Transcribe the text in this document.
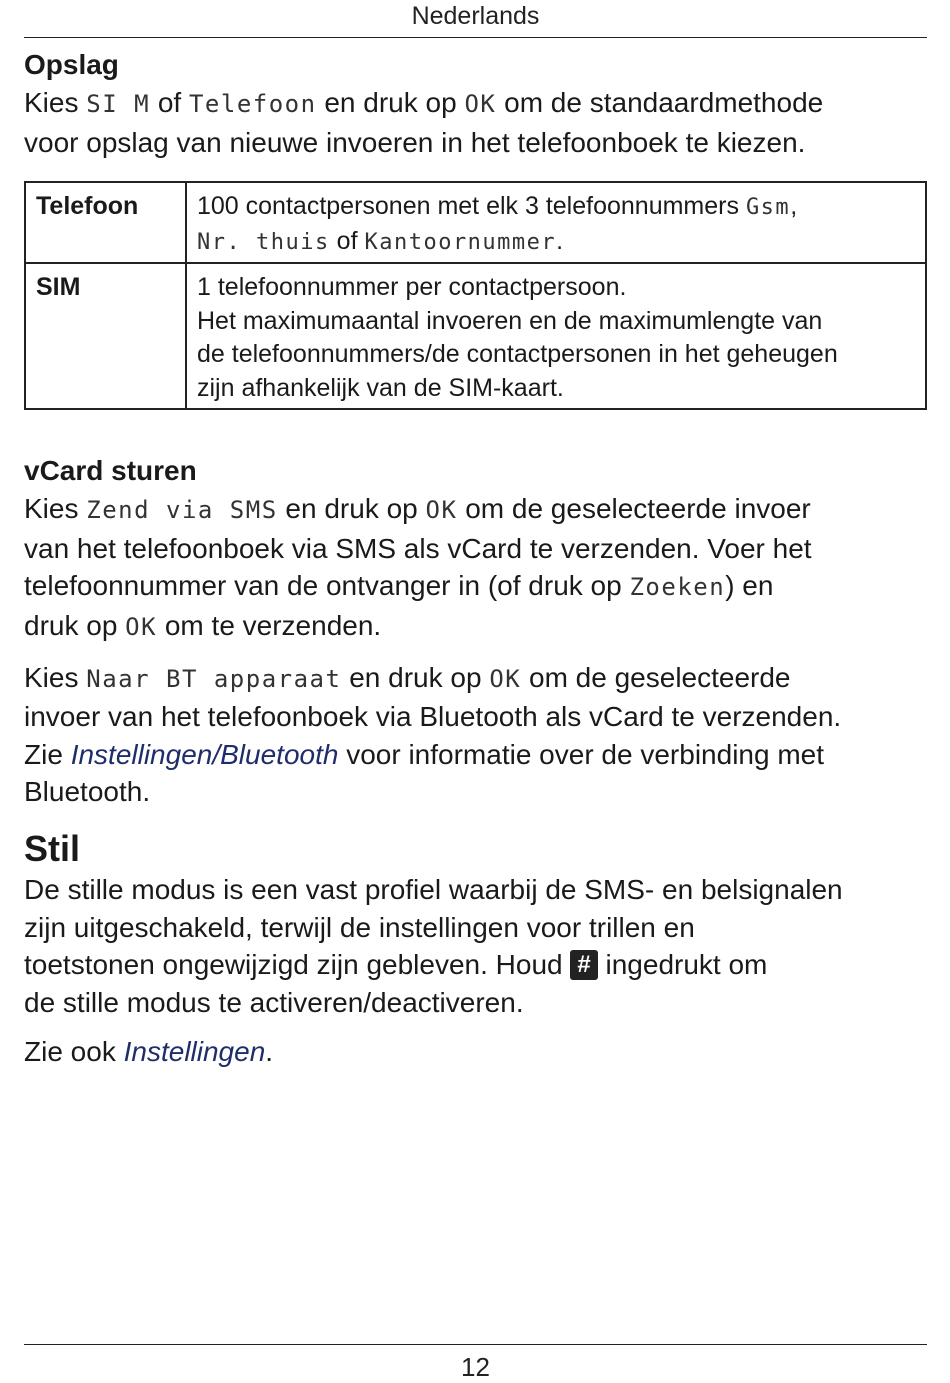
Nederlands
Opslag

Kies SI M of Telefoon en druk op OK om de standaardmethode
voor opslag van nieuwe invoeren in het telefoonboek te kiezen.

Telefoon	100 contactpersonen met elk 3 telefoonnummers Gsm,
Nr. thuis of Kantoornummer.
SIM	1 telefoonnummer per contactpersoon.
Het maximumaantal invoeren en de maximumlengte van
de telefoonnummers/de contactpersonen in het geheugen
zijn afhankelijk van de SIM-kaart.
vCard sturen

Kies Zend via SMS en druk op OK om de geselecteerde invoer
van het telefoonboek via SMS als vCard te verzenden. Voer het
telefoonnummer van de ontvanger in (of druk op Zoeken) en
druk op OK om te verzenden.

Kies Naar BT apparaat en druk op OK om de geselecteerde
invoer van het telefoonboek via Bluetooth als vCard te verzenden.
Zie Instellingen/Bluetooth voor informatie over de verbinding met
Bluetooth.

Stil

De stille modus is een vast profiel waarbij de SMS- en belsignalen
zijn uitgeschakeld, terwijl de instellingen voor trillen en
toetstonen ongewijzigd zijn gebleven. Houd # ingedrukt om
de stille modus te activeren/deactiveren.

Zie ook Instellingen.

12
